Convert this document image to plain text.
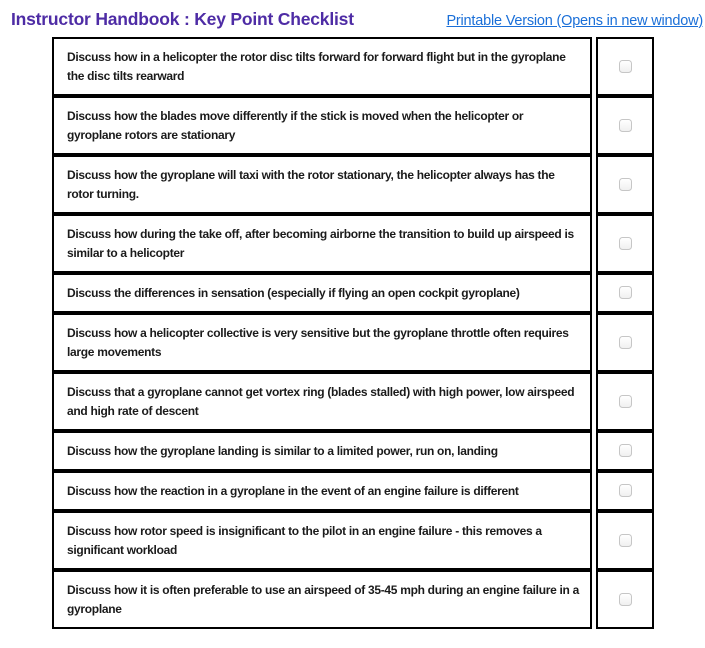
Instructor Handbook : Key Point Checklist	Printable Version (Opens in new window)
Discuss how in a helicopter the rotor disc tilts forward for forward flight but in the gyroplane the disc tilts rearward	
Discuss how the blades move differently if the stick is moved when the helicopter or gyroplane rotors are stationary	
Discuss how the gyroplane will taxi with the rotor stationary, the helicopter always has the rotor turning.	
Discuss how during the take off, after becoming airborne the transition to build up airspeed is similar to a helicopter	
Discuss the differences in sensation (especially if flying an open cockpit gyroplane)	
Discuss how a helicopter collective is very sensitive but the gyroplane throttle often requires large movements	
Discuss that a gyroplane cannot get vortex ring (blades stalled) with high power, low airspeed and high rate of descent	
Discuss how the gyroplane landing is similar to a limited power, run on, landing	
Discuss how the reaction in a gyroplane in the event of an engine failure is different	
Discuss how rotor speed is insignificant to the pilot in an engine failure - this removes a significant workload	
Discuss how it is often preferable to use an airspeed of 35-45 mph during an engine failure in a gyroplane	
